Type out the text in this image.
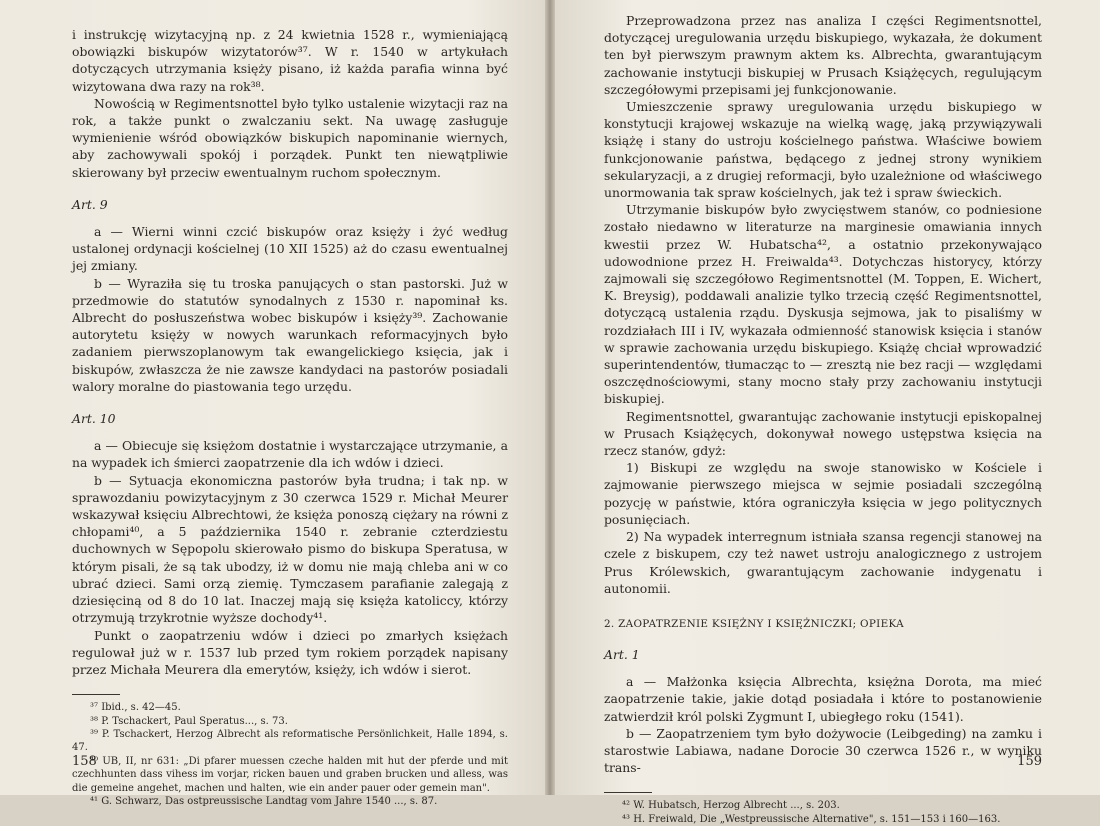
i instrukcję wizytacyjną np. z 24 kwietnia 1528 r., wymieniającą obowiązki biskupów wizytatorów³⁷. W r. 1540 w artykułach dotyczących utrzymania księży pisano, iż każda parafia winna być wizytowana dwa razy na rok³⁸.

Nowością w Regimentsnottel było tylko ustalenie wizytacji raz na rok, a także punkt o zwalczaniu sekt. Na uwagę zasługuje wymienienie wśród obowiązków biskupich napominanie wiernych, aby zachowywali spokój i porządek. Punkt ten niewątpliwie skierowany był przeciw ewentualnym ruchom społecznym.

Art. 9

a — Wierni winni czcić biskupów oraz księży i żyć według ustalonej ordynacji kościelnej (10 XII 1525) aż do czasu ewentualnej jej zmiany.

b — Wyraziła się tu troska panujących o stan pastorski. Już w przedmowie do statutów synodalnych z 1530 r. napominał ks. Albrecht do posłuszeństwa wobec biskupów i księży³⁹. Zachowanie autorytetu księży w nowych warunkach reformacyjnych było zadaniem pierwszoplanowym tak ewangelickiego księcia, jak i biskupów, zwłaszcza że nie zawsze kandydaci na pastorów posiadali walory moralne do piastowania tego urzędu.

Art. 10

a — Obiecuje się księżom dostatnie i wystarczające utrzymanie, a na wypadek ich śmierci zaopatrzenie dla ich wdów i dzieci.

b — Sytuacja ekonomiczna pastorów była trudna; i tak np. w sprawozdaniu powizytacyjnym z 30 czerwca 1529 r. Michał Meurer wskazywał księciu Albrechtowi, że księża ponoszą ciężary na równi z chłopami⁴⁰, a 5 października 1540 r. zebranie czterdziestu duchownych w Sępopolu skierowało pismo do biskupa Speratusa, w którym pisali, że są tak ubodzy, iż w domu nie mają chleba ani w co ubrać dzieci. Sami orzą ziemię. Tymczasem parafianie zalegają z dziesięciną od 8 do 10 lat. Inaczej mają się księża katoliccy, którzy otrzymują trzykrotnie wyższe dochody⁴¹.

Punkt o zaopatrzeniu wdów i dzieci po zmarłych księżach regulował już w r. 1537 lub przed tym rokiem porządek napisany przez Michała Meurera dla emerytów, księży, ich wdów i sierot.

³⁷ Ibid., s. 42—45.

³⁸ P. Tschackert, Paul Speratus..., s. 73.

³⁹ P. Tschackert, Herzog Albrecht als reformatische Persönlichkeit, Halle 1894, s. 47.

⁴⁰ UB, II, nr 631: „Di pfarer muessen czeche halden mit hut der pferde und mit czechhunten dass vihess im vorjar, ricken bauen und graben brucken und alless, was die gemeine angehet, machen und halten, wie ein ander pauer oder gemein man".

⁴¹ G. Schwarz, Das ostpreussische Landtag vom Jahre 1540 ..., s. 87.

158

Przeprowadzona przez nas analiza I części Regimentsnottel, dotyczącej uregulowania urzędu biskupiego, wykazała, że dokument ten był pierwszym prawnym aktem ks. Albrechta, gwarantującym zachowanie instytucji biskupiej w Prusach Książęcych, regulującym szczegółowymi przepisami jej funkcjonowanie.

Umieszczenie sprawy uregulowania urzędu biskupiego w konstytucji krajowej wskazuje na wielką wagę, jaką przywiązywali książę i stany do ustroju kościelnego państwa. Właściwe bowiem funkcjonowanie państwa, będącego z jednej strony wynikiem sekularyzacji, a z drugiej reformacji, było uzależnione od właściwego unormowania tak spraw kościelnych, jak też i spraw świeckich.

Utrzymanie biskupów było zwycięstwem stanów, co podniesione zostało niedawno w literaturze na marginesie omawiania innych kwestii przez W. Hubatscha⁴², a ostatnio przekonywająco udowodnione przez H. Freiwalda⁴³. Dotychczas historycy, którzy zajmowali się szczegółowo Regimentsnottel (M. Toppen, E. Wichert, K. Breysig), poddawali analizie tylko trzecią część Regimentsnottel, dotyczącą ustalenia rządu. Dyskusja sejmowa, jak to pisaliśmy w rozdziałach III i IV, wykazała odmienność stanowisk księcia i stanów w sprawie zachowania urzędu biskupiego. Książę chciał wprowadzić superintendentów, tłumacząc to — zresztą nie bez racji — względami oszczędnościowymi, stany mocno stały przy zachowaniu instytucji biskupiej.

Regimentsnottel, gwarantując zachowanie instytucji episkopalnej w Prusach Książęcych, dokonywał nowego ustępstwa księcia na rzecz stanów, gdyż:

1) Biskupi ze względu na swoje stanowisko w Kościele i zajmowanie pierwszego miejsca w sejmie posiadali szczególną pozycję w państwie, która ograniczyła księcia w jego politycznych posunięciach.

2) Na wypadek interregnum istniała szansa regencji stanowej na czele z biskupem, czy też nawet ustroju analogicznego z ustrojem Prus Królewskich, gwarantującym zachowanie indygenatu i autonomii.

2. ZAOPATRZENIE KSIĘŻNY I KSIĘŻNICZKI; OPIEKA
Art. 1

a — Małżonka księcia Albrechta, księżna Dorota, ma mieć zaopatrzenie takie, jakie dotąd posiadała i które to postanowienie zatwierdził król polski Zygmunt I, ubiegłego roku (1541).

b — Zaopatrzeniem tym było dożywocie (Leibgeding) na zamku i starostwie Labiawa, nadane Dorocie 30 czerwca 1526 r., w wyniku trans-

⁴² W. Hubatsch, Herzog Albrecht ..., s. 203.

⁴³ H. Freiwald, Die „Westpreussische Alternative", s. 151—153 i 160—163.

159
